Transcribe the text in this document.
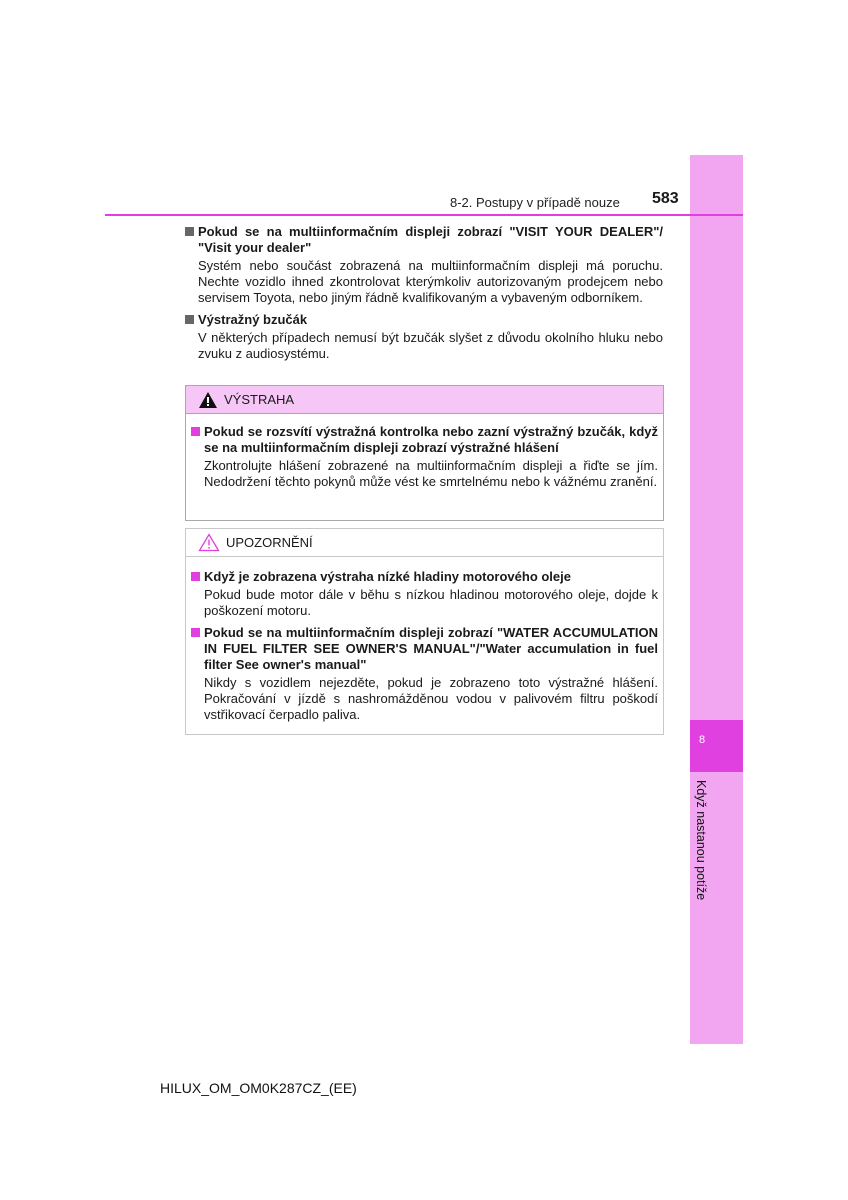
8
Když nastanou potíže
8-2. Postupy v případě nouze 583
Pokud se na multiinformačním displeji zobrazí "VISIT YOUR DEALER"/ "Visit your dealer"
Systém nebo součást zobrazená na multiinformačním displeji má poruchu. Nechte vozidlo ihned zkontrolovat kterýmkoliv autorizovaným prodejcem nebo servisem Toyota, nebo jiným řádně kvalifikovaným a vybaveným odborníkem.
Výstražný bzučák
V některých případech nemusí být bzučák slyšet z důvodu okolního hluku nebo zvuku z audiosystému.
VÝSTRAHA
Pokud se rozsvítí výstražná kontrolka nebo zazní výstražný bzučák, když se na multiinformačním displeji zobrazí výstražné hlášení
Zkontrolujte hlášení zobrazené na multiinformačním displeji a řiďte se jím. Nedodržení těchto pokynů může vést ke smrtelnému nebo k vážnému zranění.
UPOZORNĚNÍ
Když je zobrazena výstraha nízké hladiny motorového oleje
Pokud bude motor dále v běhu s nízkou hladinou motorového oleje, dojde k poškození motoru.
Pokud se na multiinformačním displeji zobrazí "WATER ACCUMULATION IN FUEL FILTER SEE OWNER'S MANUAL"/"Water accumulation in fuel filter See owner's manual"
Nikdy s vozidlem nejezděte, pokud je zobrazeno toto výstražné hlášení. Pokračování v jízdě s nashromážděnou vodou v palivovém filtru poškodí vstřikovací čerpadlo paliva.
HILUX_OM_OM0K287CZ_(EE)
